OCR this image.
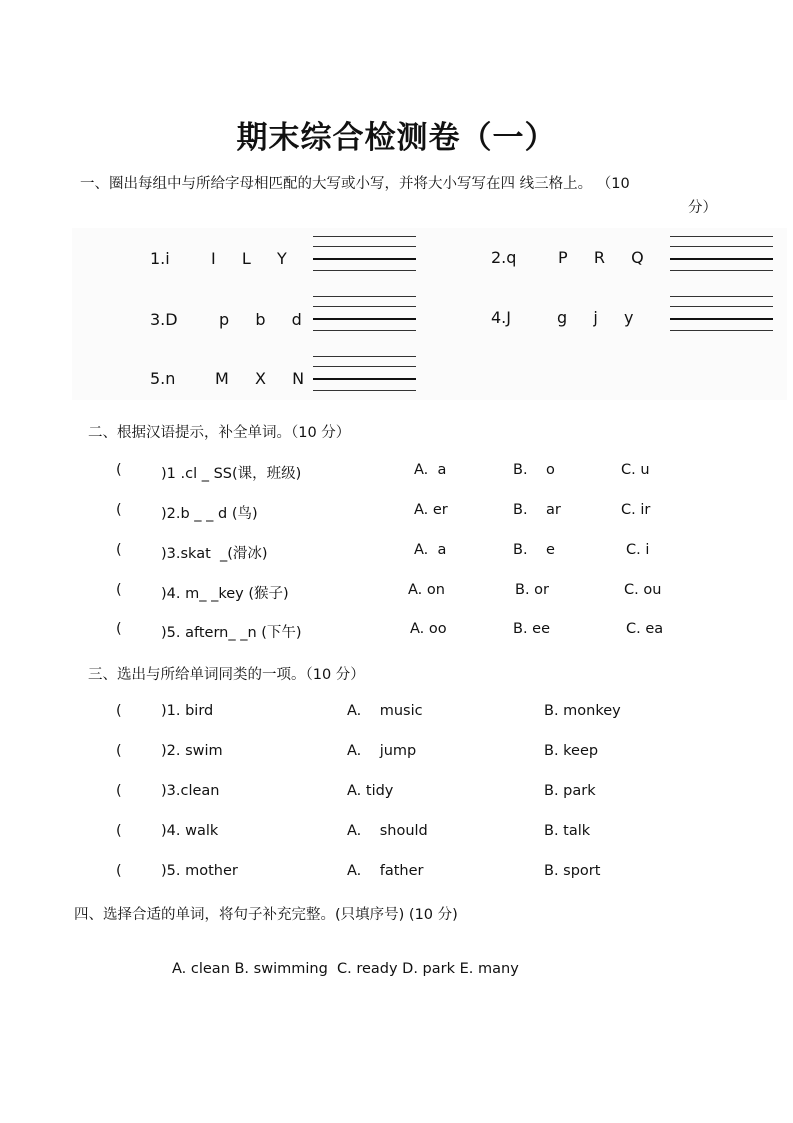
期末综合检测卷（一）
一、圈出每组中与所给字母相匹配的大写或小写，并将大小写写在四 线三格上。 （10
分）
1.i	I  L  Y	2.q	P  R  Q
3.D	p  b  d	4.J	g  j  y
5.n M  X  N
二、根据汉语提示，补全单词。（10 分）
(	)1 .cl _ SS(课，班级)	A.  a	B.    o	C. u
(	)2.b _ _ d (鸟)	A. er	B.    ar	C. ir
(	)3.skat  _(滑冰)	A.  a	B.    e	C. i
(	)4. m_ _key (猴子)	A. on	B. or	C. ou
(	)5. aftern_ _n (下午)	A. oo	B. ee	C. ea
三、选出与所给单词同类的一项。（10 分）
(	)1. bird	A.    music	B. monkey
(	)2. swim	A.    jump	B. keep
(	)3.clean	A. tidy	B. park
(	)4. walk	A.    should	B. talk
(	)5. mother	A.    father	B. sport
四、选择合适的单词，将句子补充完整。(只填序号) (10 分)
A. clean B. swimming  C. ready D. park E. many
